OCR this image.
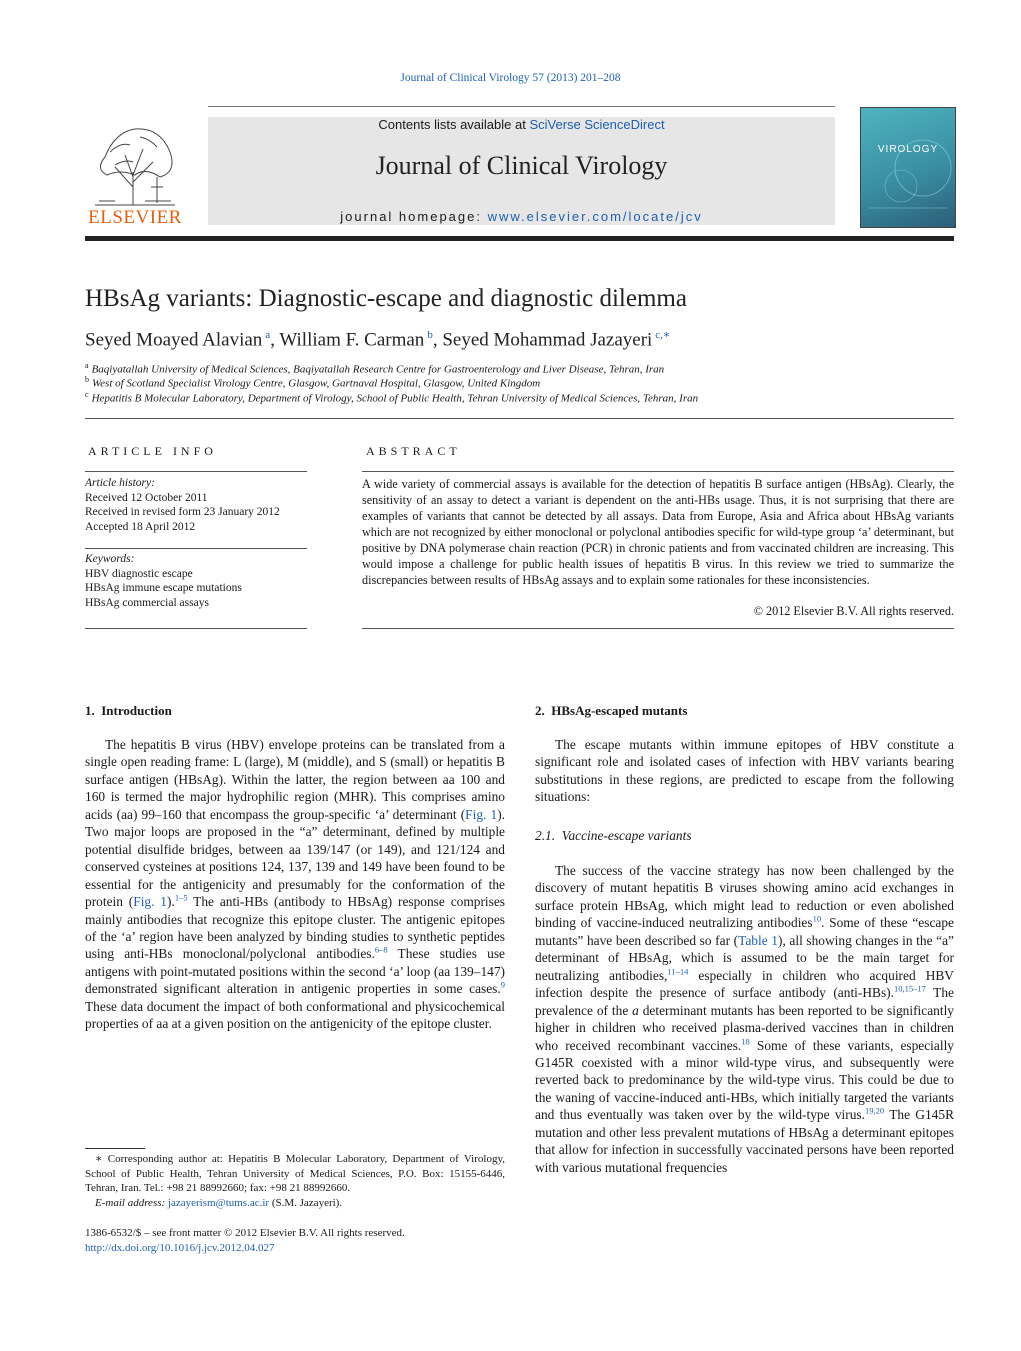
Journal of Clinical Virology 57 (2013) 201–208
ELSEVIER
Contents lists available at SciVerse ScienceDirect
Journal of Clinical Virology
journal homepage: www.elsevier.com/locate/jcv
VIROLOGY
HBsAg variants: Diagnostic-escape and diagnostic dilemma
Seyed Moayed Alavian $^a$, William F. Carman $^b$, Seyed Mohammad Jazayeri $^{c,∗}$
$^a$ Baqiyatallah University of Medical Sciences, Baqiyatallah Research Centre for Gastroenterology and Liver Disease, Tehran, Iran
$^b$ West of Scotland Specialist Virology Centre, Glasgow, Gartnaval Hospital, Glasgow, United Kingdom
$^c$ Hepatitis B Molecular Laboratory, Department of Virology, School of Public Health, Tehran University of Medical Sciences, Tehran, Iran
ARTICLE INFO
Article history:
Received 12 October 2011
Received in revised form 23 January 2012
Accepted 18 April 2012
Keywords:
HBV diagnostic escape
HBsAg immune escape mutations
HBsAg commercial assays
ABSTRACT
A wide variety of commercial assays is available for the detection of hepatitis B surface antigen (HBsAg). Clearly, the sensitivity of an assay to detect a variant is dependent on the anti-HBs usage. Thus, it is not surprising that there are examples of variants that cannot be detected by all assays. Data from Europe, Asia and Africa about HBsAg variants which are not recognized by either monoclonal or polyclonal antibodies specific for wild-type group ‘a’ determinant, but positive by DNA polymerase chain reaction (PCR) in chronic patients and from vaccinated children are increasing. This would impose a challenge for public health issues of hepatitis B virus. In this review we tried to summarize the discrepancies between results of HBsAg assays and to explain some rationales for these inconsistencies.
© 2012 Elsevier B.V. All rights reserved.
1.  Introduction

The hepatitis B virus (HBV) envelope proteins can be translated from a single open reading frame: L (large), M (middle), and S (small) or hepatitis B surface antigen (HBsAg). Within the latter, the region between aa 100 and 160 is termed the major hydrophilic region (MHR). This comprises amino acids (aa) 99–160 that encompass the group-specific ‘a’ determinant (Fig. 1). Two major loops are proposed in the “a” determinant, defined by multiple potential disulfide bridges, between aa 139/147 (or 149), and 121/124 and conserved cysteines at positions 124, 137, 139 and 149 have been found to be essential for the antigenicity and presumably for the conformation of the protein (Fig. 1).$^{1-5}$ The anti-HBs (antibody to HBsAg) response comprises mainly antibodies that recognize this epitope cluster. The antigenic epitopes of the ‘a’ region have been analyzed by binding studies to synthetic peptides using anti-HBs monoclonal/polyclonal antibodies.$^{6-8}$ These studies use antigens with point-mutated positions within the second ‘a’ loop (aa 139–147) demonstrated significant alteration in antigenic properties in some cases.$^9$ These data document the impact of both conformational and physicochemical properties of aa at a given position on the antigenicity of the epitope cluster.

2.  HBsAg-escaped mutants

The escape mutants within immune epitopes of HBV constitute a significant role and isolated cases of infection with HBV variants bearing substitutions in these regions, are predicted to escape from the following situations:

2.1.  Vaccine-escape variants

The success of the vaccine strategy has now been challenged by the discovery of mutant hepatitis B viruses showing amino acid exchanges in surface protein HBsAg, which might lead to reduction or even abolished binding of vaccine-induced neutralizing antibodies$^{10}$. Some of these “escape mutants” have been described so far (Table 1), all showing changes in the “a” determinant of HBsAg, which is assumed to be the main target for neutralizing antibodies,$^{11-14}$ especially in children who acquired HBV infection despite the presence of surface antibody (anti-HBs).$^{10,15-17}$ The prevalence of the a determinant mutants has been reported to be significantly higher in children who received plasma-derived vaccines than in children who received recombinant vaccines.$^{18}$ Some of these variants, especially G145R coexisted with a minor wild-type virus, and subsequently were reverted back to predominance by the wild-type virus. This could be due to the waning of vaccine-induced anti-HBs, which initially targeted the variants and thus eventually was taken over by the wild-type virus.$^{19,20}$ The G145R mutation and other less prevalent mutations of HBsAg a determinant epitopes that allow for infection in successfully vaccinated persons have been reported with various mutational frequencies

∗ Corresponding author at: Hepatitis B Molecular Laboratory, Department of Virology, School of Public Health, Tehran University of Medical Sciences, P.O. Box: 15155-6446, Tehran, Iran. Tel.: +98 21 88992660; fax: +98 21 88992660.

E-mail address: jazayerism@tums.ac.ir (S.M. Jazayeri).

1386-6532/$ – see front matter © 2012 Elsevier B.V. All rights reserved.
http://dx.doi.org/10.1016/j.jcv.2012.04.027
